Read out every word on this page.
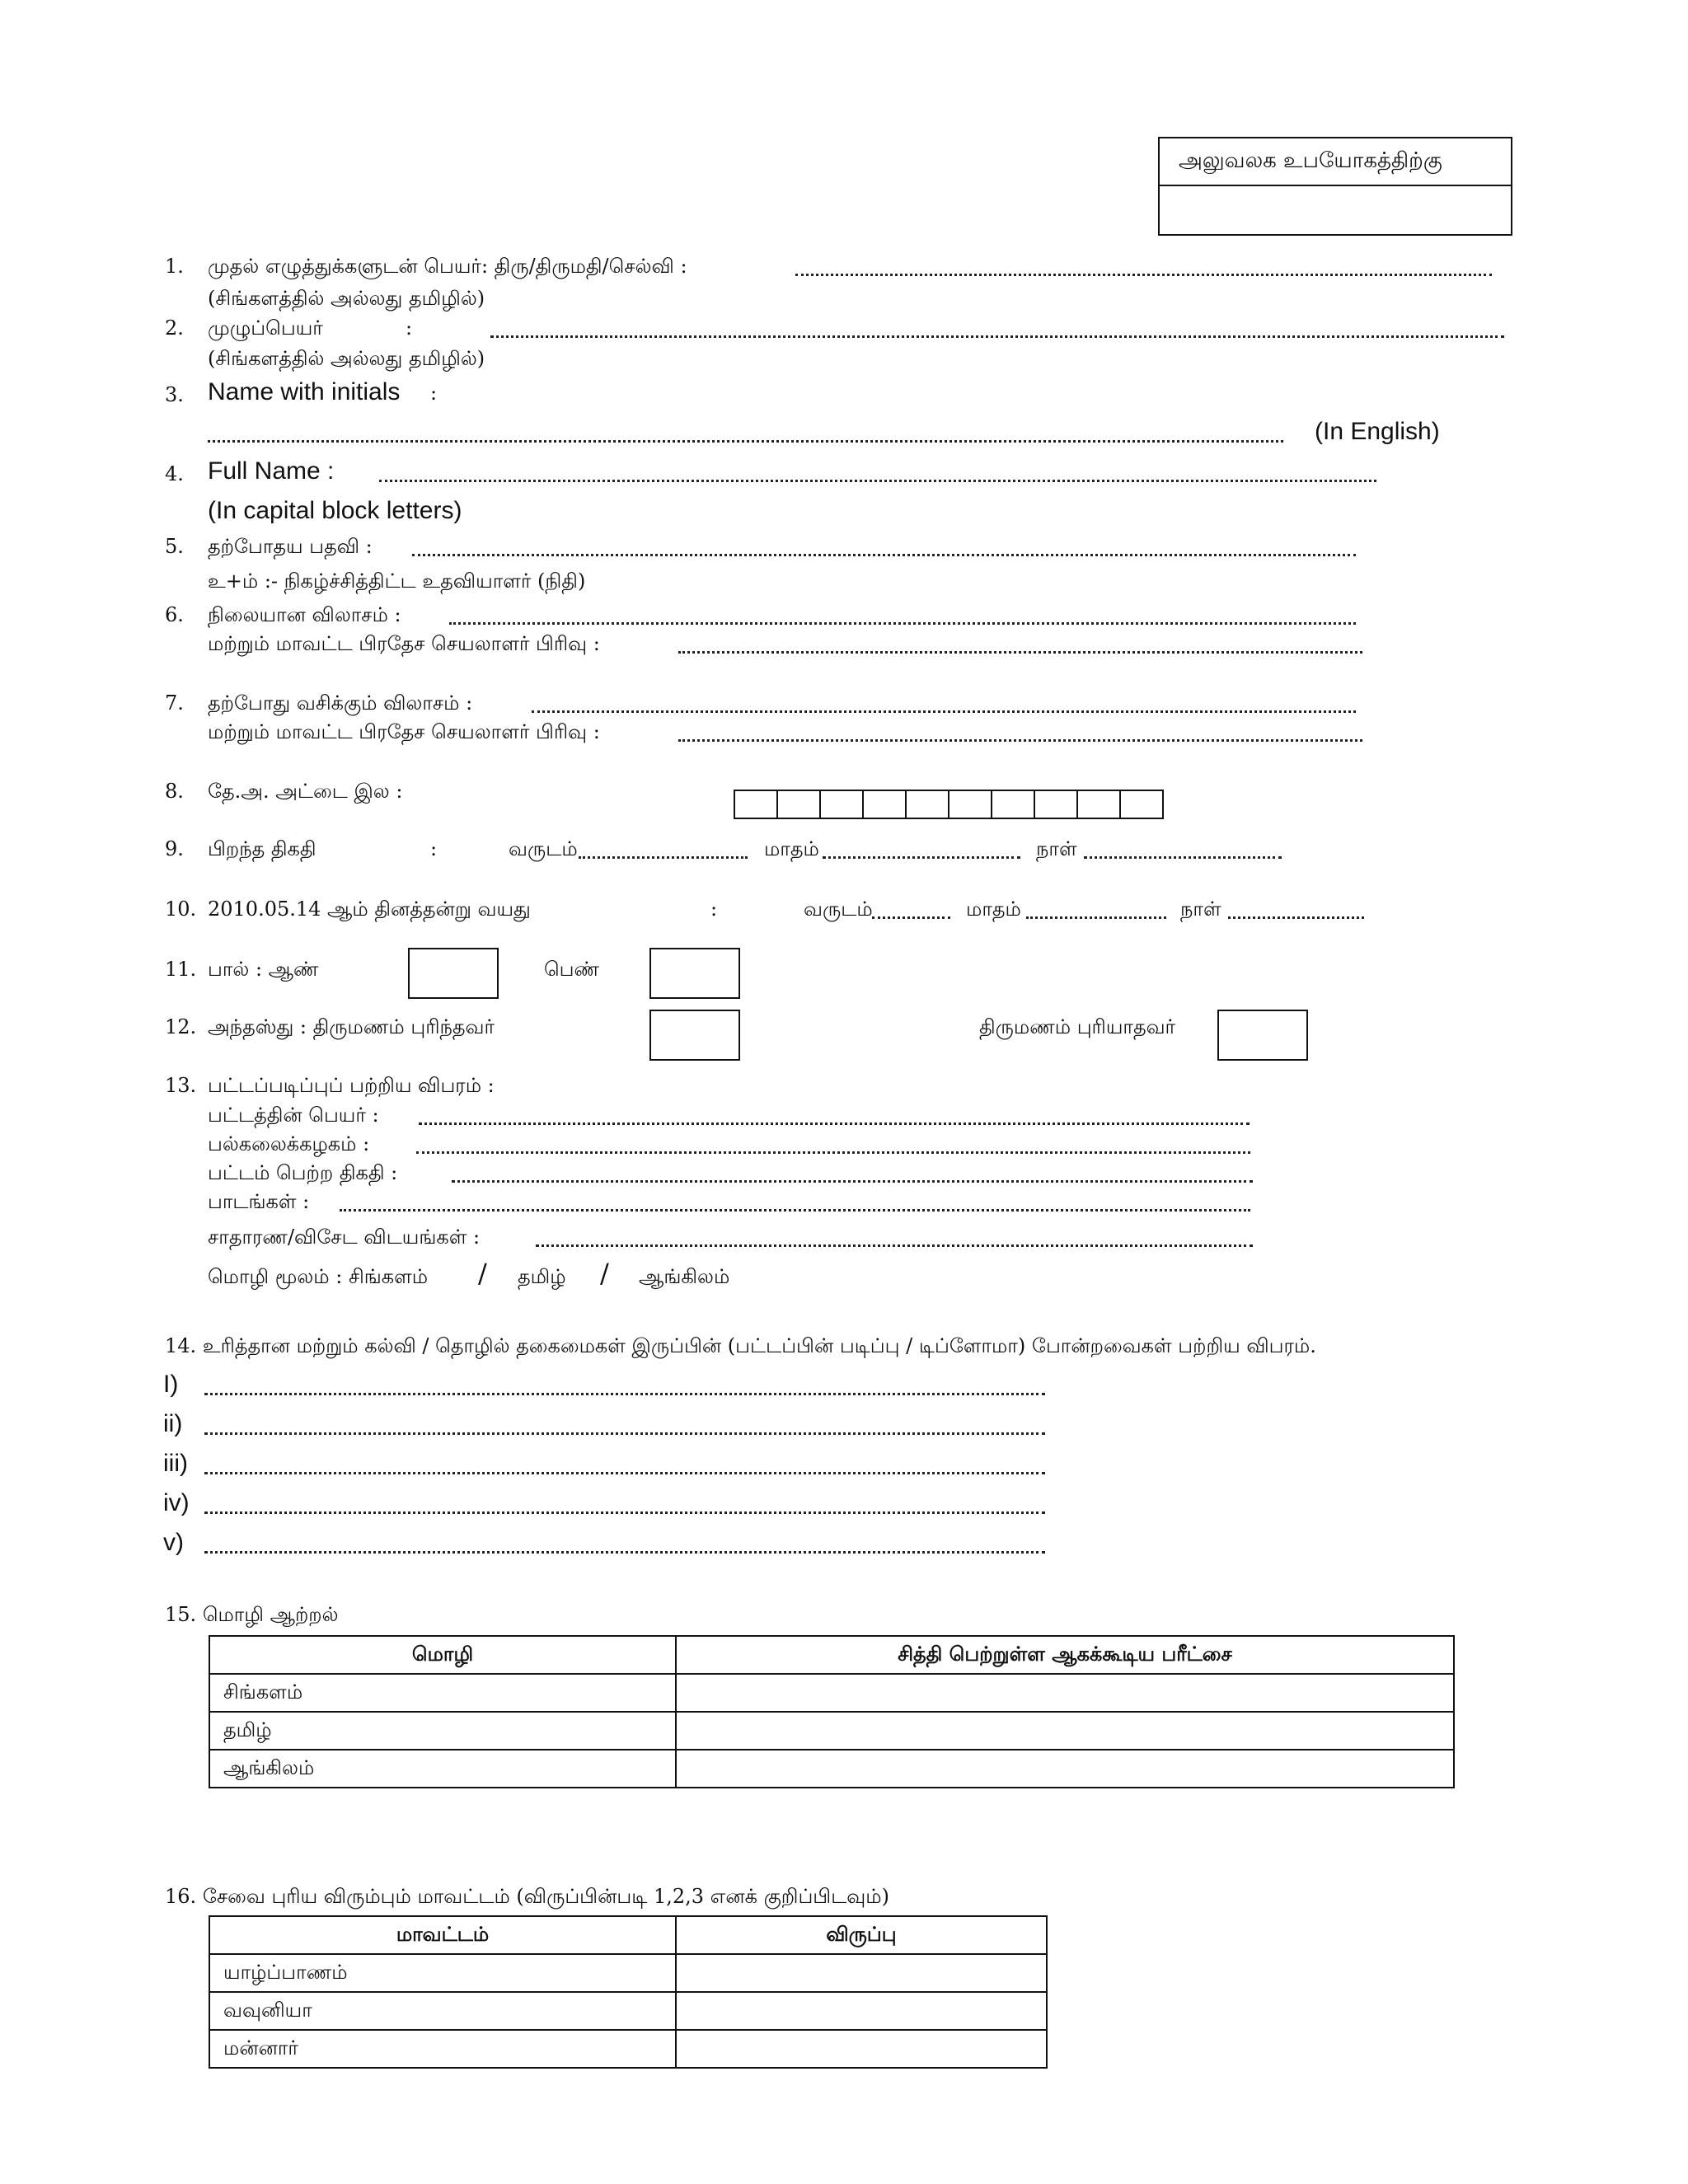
அலுவலக உபயோகத்திற்கு
1. முதல் எழுத்துக்களுடன் பெயர்: திரு/திருமதி/செல்வி :
(சிங்களத்தில் அல்லது தமிழில்)
2. முழுப்பெயர்	:
(சிங்களத்தில் அல்லது தமிழில்)
3. Name with initials :
(In English)
4. Full Name :
(In capital block letters)
5. தற்போதய பதவி :
உ+ம் :- நிகழ்ச்சித்திட்ட உதவியாளர் (நிதி)
6. நிலையான விலாசம் :
மற்றும் மாவட்ட பிரதேச செயலாளர் பிரிவு :
7. தற்போது வசிக்கும் விலாசம் :
மற்றும் மாவட்ட பிரதேச செயலாளர் பிரிவு :
8. தே.அ. அட்டை இல :
9. பிறந்த திகதி	:	வருடம்	மாதம்	நாள்
10. 2010.05.14 ஆம் தினத்தன்று வயது	:	வருடம்	மாதம்	நாள்
11. பால் : ஆண்	பெண்
12. அந்தஸ்து : திருமணம் புரிந்தவர்	திருமணம் புரியாதவர்
13. பட்டப்படிப்புப் பற்றிய விபரம் :
பட்டத்தின் பெயர் :
பல்கலைக்கழகம் :
பட்டம் பெற்ற திகதி :
பாடங்கள் :
சாதாரண/விசேட விடயங்கள் :
மொழி மூலம் : சிங்களம் / தமிழ் / ஆங்கிலம்
14. உரித்தான மற்றும் கல்வி / தொழில் தகைமைகள் இருப்பின் (பட்டப்பின் படிப்பு / டிப்ளோமா) போன்றவைகள் பற்றிய விபரம்.
I)
ii)
iii)
iv)
v)
15. மொழி ஆற்றல்
மொழி	சித்தி பெற்றுள்ள ஆகக்கூடிய பரீட்சை
சிங்களம்	
தமிழ்	
ஆங்கிலம்	
16. சேவை புரிய விரும்பும் மாவட்டம் (விருப்பின்படி 1,2,3 எனக் குறிப்பிடவும்)
மாவட்டம்	விருப்பு
யாழ்ப்பாணம்	
வவுனியா	
மன்னார்	
